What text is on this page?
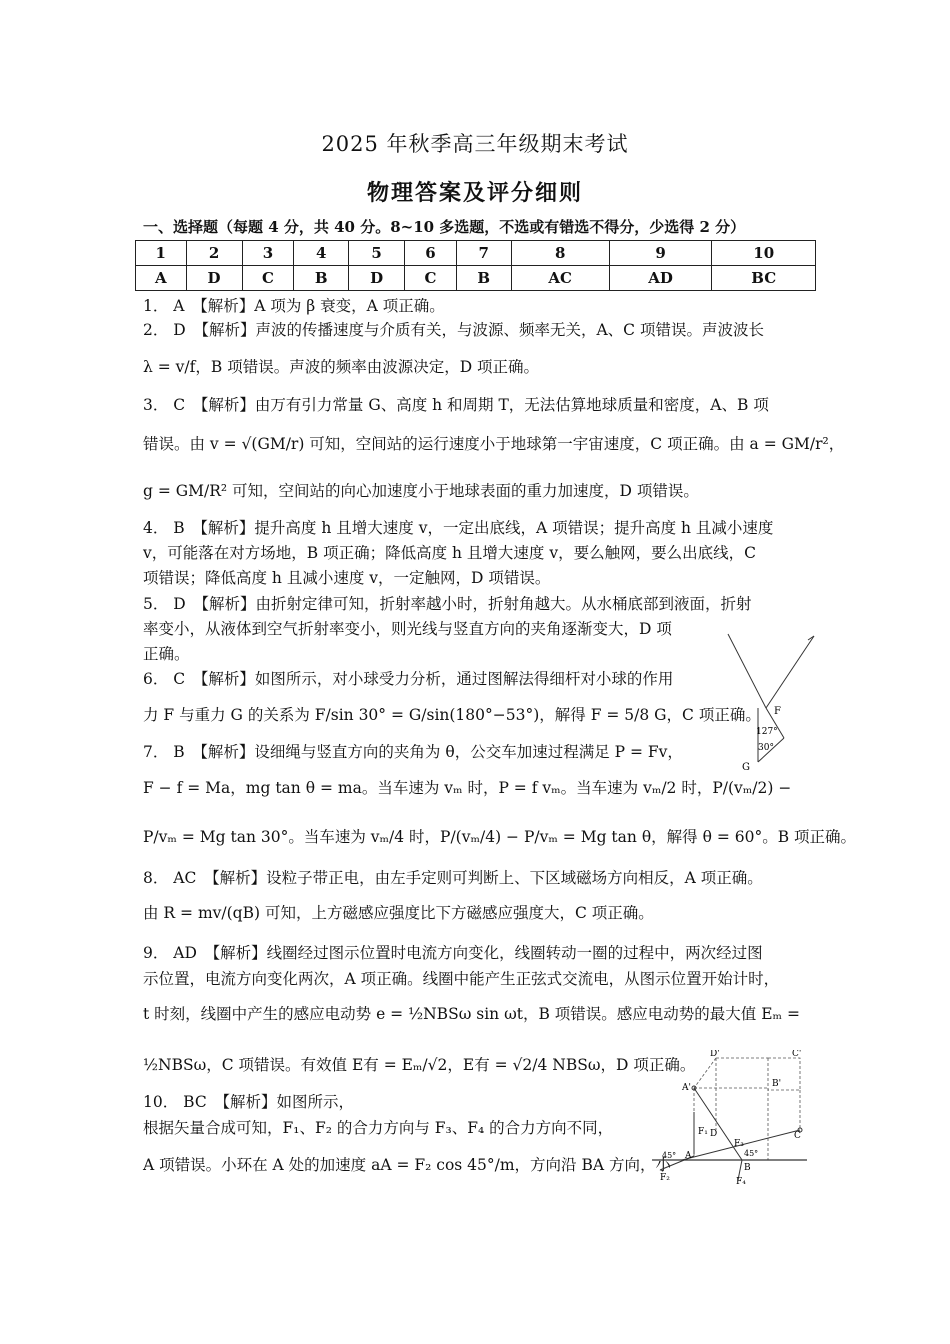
2025 年秋季高三年级期末考试
物理答案及评分细则
一、选择题（每题 4 分，共 40 分。8~10 多选题，不选或有错选不得分，少选得 2 分）
1	2	3	4	5	6	7	8	9	10
A	D	C	B	D	C	B	AC	AD	BC
1． A　【解析】A 项为 β 衰变，A 项正确。
2． D　【解析】声波的传播速度与介质有关，与波源、频率无关，A、C 项错误。声波波长
λ = v/f，B 项错误。声波的频率由波源决定，D 项正确。
3． C　【解析】由万有引力常量 G、高度 h 和周期 T，无法估算地球质量和密度，A、B 项
错误。由 v = √(GM/r) 可知，空间站的运行速度小于地球第一宇宙速度，C 项正确。由 a = GM/r²，
g = GM/R² 可知，空间站的向心加速度小于地球表面的重力加速度，D 项错误。
4． B　【解析】提升高度 h 且增大速度 v，一定出底线，A 项错误；提升高度 h 且减小速度
v，可能落在对方场地，B 项正确；降低高度 h 且增大速度 v，要么触网，要么出底线，C
项错误；降低高度 h 且减小速度 v，一定触网，D 项错误。
5． D　【解析】由折射定律可知，折射率越小时，折射角越大。从水桶底部到液面，折射
率变小，从液体到空气折射率变小，则光线与竖直方向的夹角逐渐变大，D 项
正确。
6． C　【解析】如图所示，对小球受力分析，通过图解法得细杆对小球的作用
力 F 与重力 G 的关系为 F/sin 30° = G/sin(180°−53°)，解得 F = 5/8 G，C 项正确。
7． B　【解析】设细绳与竖直方向的夹角为 θ，公交车加速过程满足 P = Fv，
F − f = Ma，mg tan θ = ma。当车速为 vₘ 时，P = f vₘ。当车速为 vₘ/2 时，P/(vₘ/2) −
P/vₘ = Mg tan 30°。当车速为 vₘ/4 时，P/(vₘ/4) − P/vₘ = Mg tan θ，解得 θ = 60°。B 项正确。
8． AC　【解析】设粒子带正电，由左手定则可判断上、下区域磁场方向相反，A 项正确。
由 R = mv/(qB) 可知，上方磁感应强度比下方磁感应强度大，C 项正确。
9． AD　【解析】线圈经过图示位置时电流方向变化，线圈转动一圈的过程中，两次经过图
示位置，电流方向变化两次，A 项正确。线圈中能产生正弦式交流电，从图示位置开始计时，
t 时刻，线圈中产生的感应电动势 e = ½NBSω sin ωt，B 项错误。感应电动势的最大值 Eₘ =
½NBSω，C 项错误。有效值 E有 = Eₘ/√2，E有 = √2/4 NBSω，D 项正确。
10． BC　【解析】如图所示，
根据矢量合成可知，F₁、F₂ 的合力方向与 F₃、F₄ 的合力方向不同，
A 项错误。小环在 A 处的加速度 aA = F₂ cos 45°/m，方向沿 BA 方向，小
F
G
127°
30°
D'	C'
A'	B'
A
B
C
D
F₁
F₂
F₃
F₄
45°	45°
